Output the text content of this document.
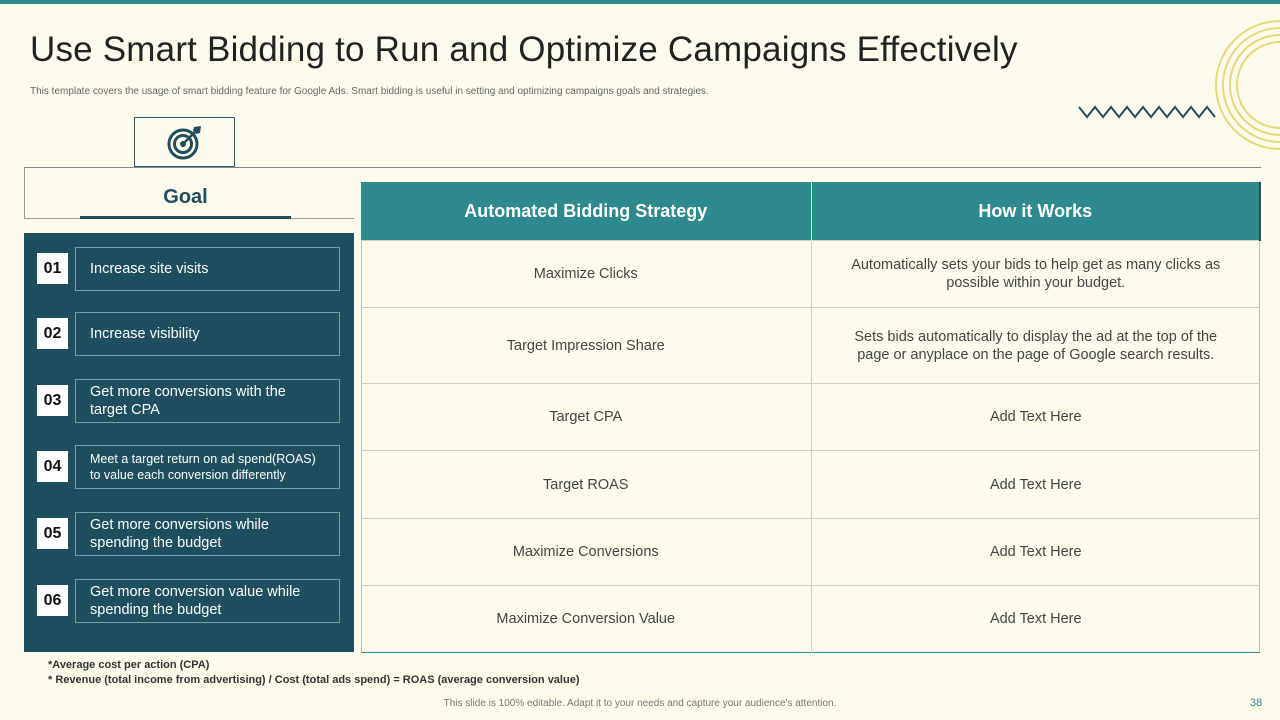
Use Smart Bidding to Run and Optimize Campaigns Effectively
This template covers the usage of smart bidding feature for Google Ads. Smart bidding is useful in setting and optimizing campaigns goals and strategies.
Goal
01	Increase site visits
02	Increase visibility
03	Get more conversions with the target CPA
04	Meet a target return on ad spend(ROAS) to value each conversion differently
05	Get more conversions while spending the budget
06	Get more conversion value while spending the budget
Automated Bidding Strategy	How it Works
Maximize Clicks	Automatically sets your bids to help get as many clicks as possible within your budget.
Target Impression Share	Sets bids automatically to display the ad at the top of the page or anyplace on the page of Google search results.
Target CPA	Add Text Here
Target ROAS	Add Text Here
Maximize Conversions	Add Text Here
Maximize Conversion Value	Add Text Here
*Average cost per action (CPA)
* Revenue (total income from advertising) / Cost (total ads spend) = ROAS (average conversion value)
This slide is 100% editable. Adapt it to your needs and capture your audience's attention.	38
